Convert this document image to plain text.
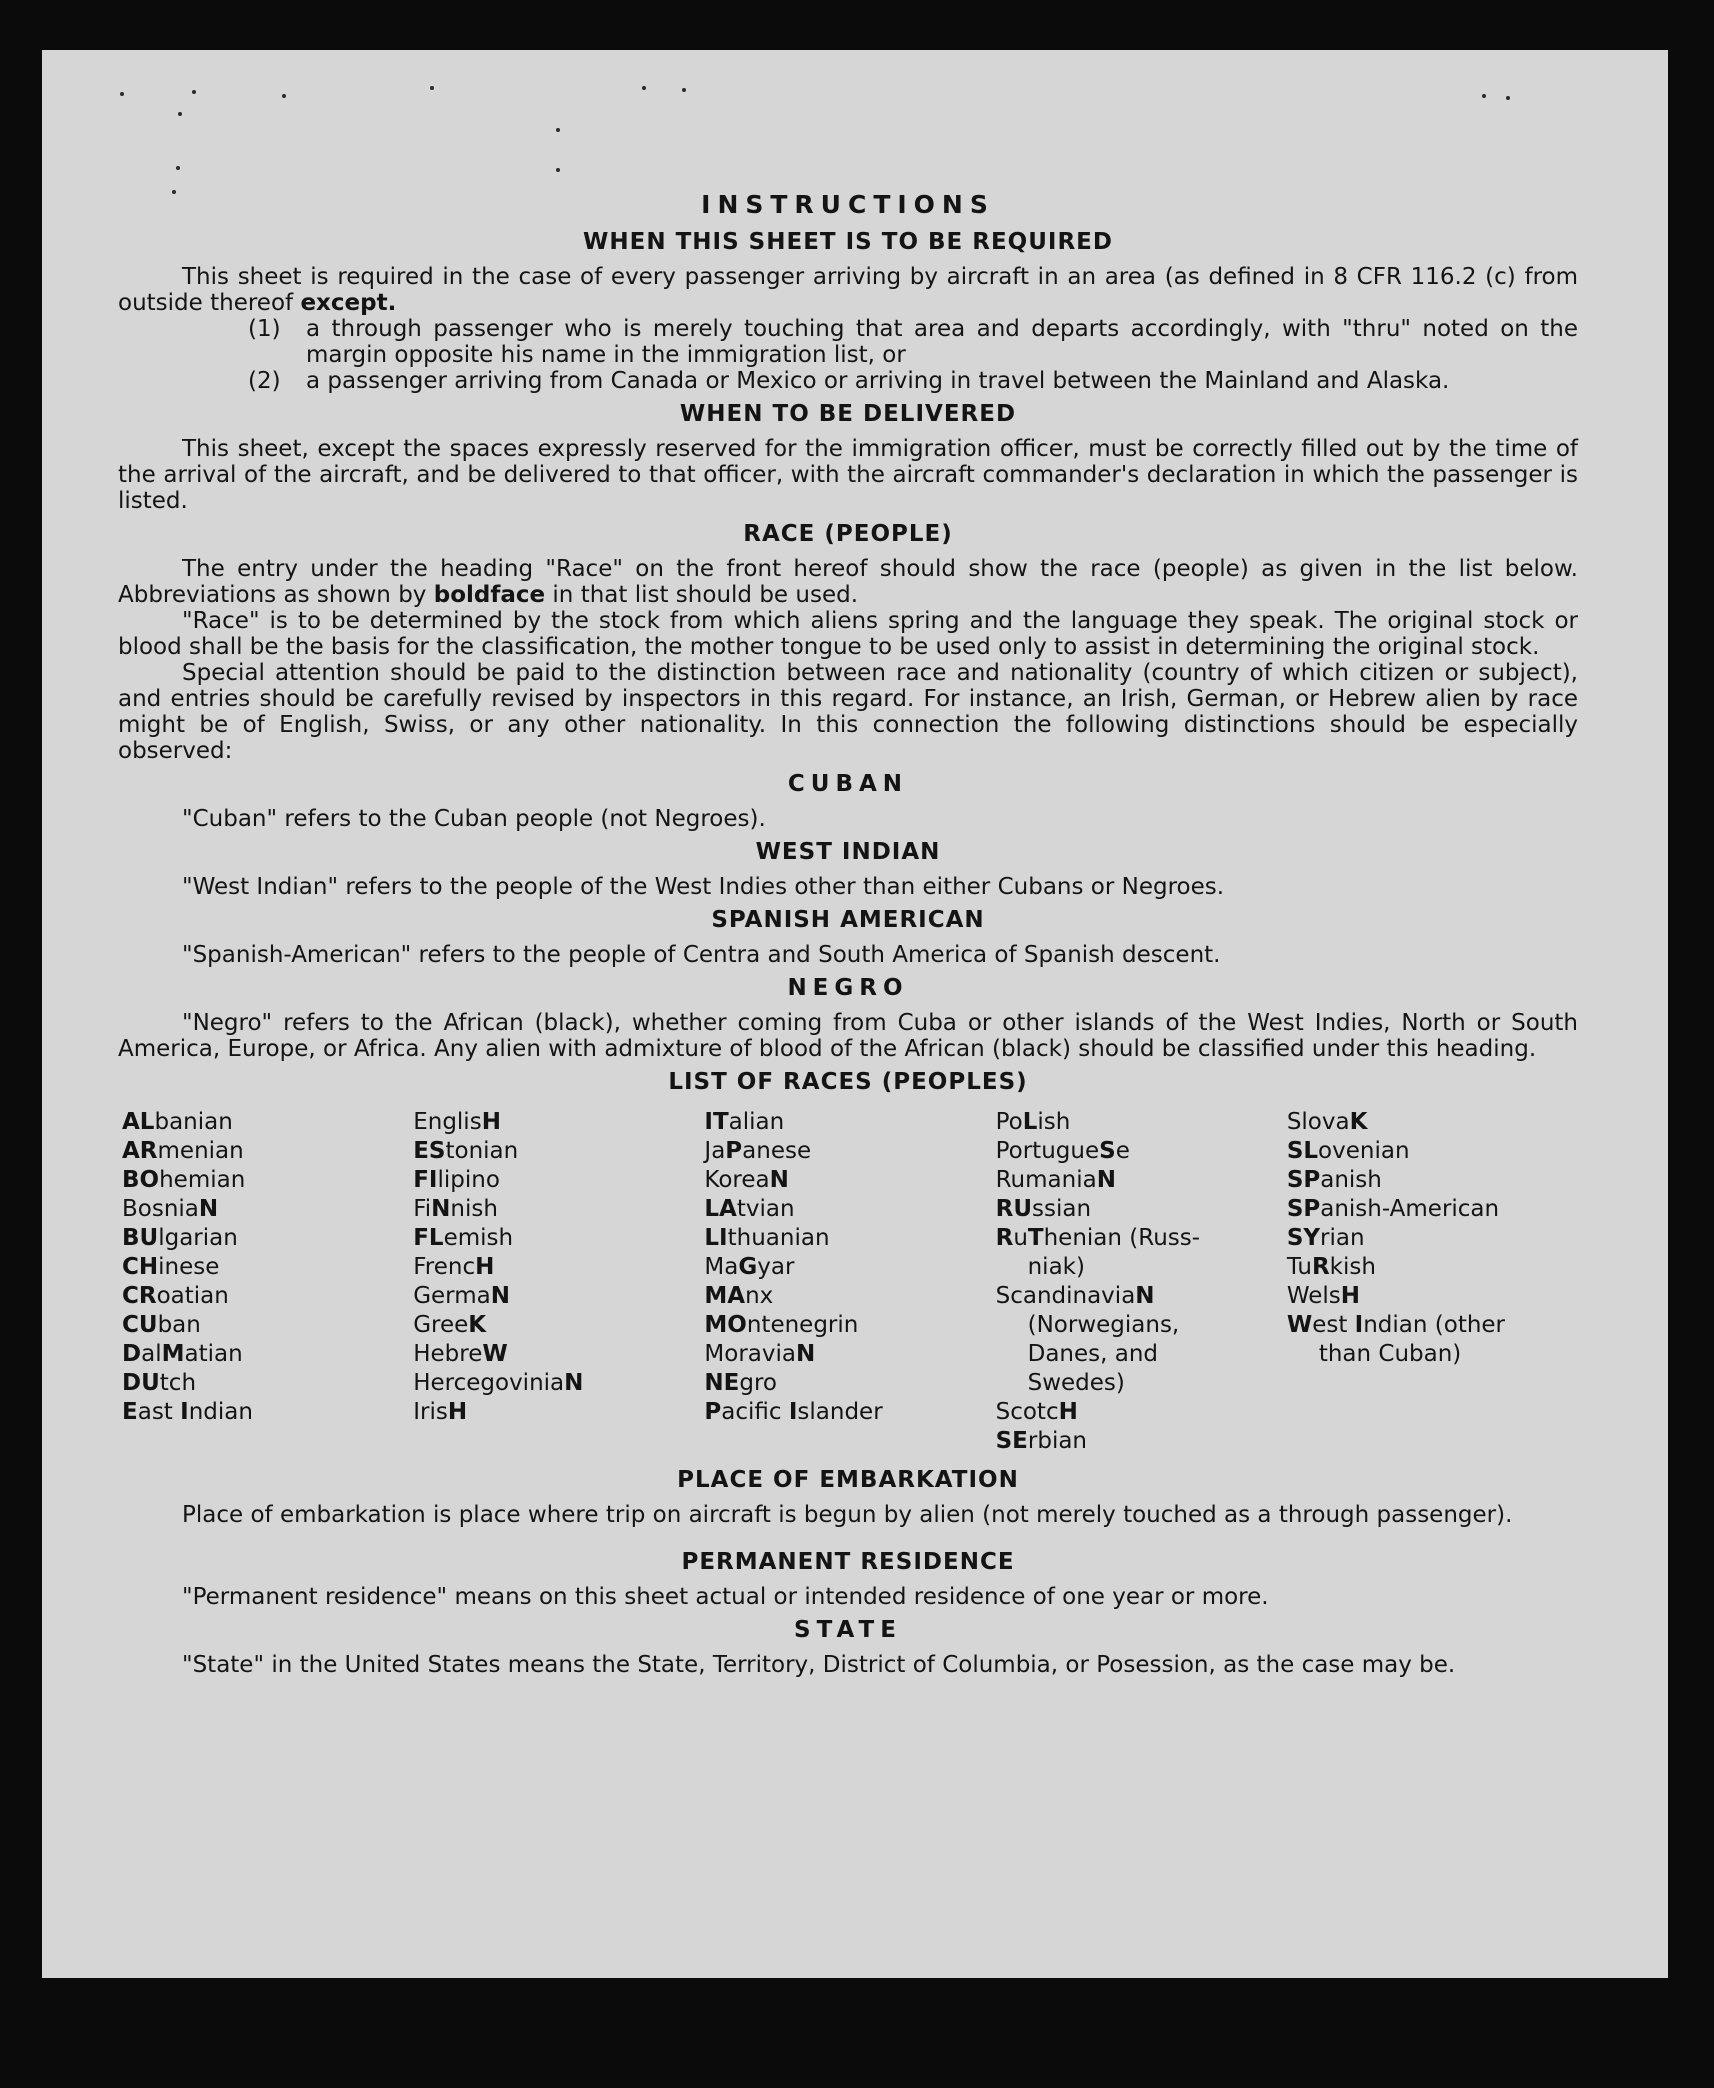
INSTRUCTIONS

WHEN THIS SHEET IS TO BE REQUIRED

This sheet is required in the case of every passenger arriving by aircraft in an area (as defined in 8 CFR 116.2 (c) from outside thereof except.

(1)	a through passenger who is merely touching that area and departs accordingly, with "thru" noted on the margin opposite his name in the immigration list, or
(2)	a passenger arriving from Canada or Mexico or arriving in travel between the Mainland and Alaska.

WHEN TO BE DELIVERED

This sheet, except the spaces expressly reserved for the immigration officer, must be correctly filled out by the time of the arrival of the aircraft, and be delivered to that officer, with the aircraft commander's declaration in which the passenger is listed.

RACE (PEOPLE)

The entry under the heading "Race" on the front hereof should show the race (people) as given in the list below. Abbreviations as shown by boldface in that list should be used.

"Race" is to be determined by the stock from which aliens spring and the language they speak. The original stock or blood shall be the basis for the classification, the mother tongue to be used only to assist in determining the original stock.

Special attention should be paid to the distinction between race and nationality (country of which citizen or subject), and entries should be carefully revised by inspectors in this regard. For instance, an Irish, German, or Hebrew alien by race might be of English, Swiss, or any other nationality. In this connection the following distinctions should be especially observed:

CUBAN

"Cuban" refers to the Cuban people (not Negroes).

WEST INDIAN

"West Indian" refers to the people of the West Indies other than either Cubans or Negroes.

SPANISH AMERICAN

"Spanish-American" refers to the people of Centra and South America of Spanish descent.

NEGRO

"Negro" refers to the African (black), whether coming from Cuba or other islands of the West Indies, North or South America, Europe, or Africa. Any alien with admixture of blood of the African (black) should be classified under this heading.

LIST OF RACES (PEOPLES)

ALbanian
ARmenian
BOhemian
BosniaN
BUlgarian
CHinese
CRoatian
CUban
DalMatian
DUtch
East Indian
EnglisH
EStonian
FIlipino
FiNnish
FLemish
FrencH
GermaN
GreeK
HebreW
HercegoviniaN
IrisH
ITalian
JaPanese
KoreaN
LAtvian
LIthuanian
MaGyar
MAnx
MOntenegrin
MoraviaN
NEgro
Pacific Islander
PoLish
PortugueSe
RumaniaN
RUssian
RuThenian (Russ-
niak)
ScandinaviaN
(Norwegians,
Danes, and
Swedes)
ScotcH
SErbian
SlovaK
SLovenian
SPanish
SPanish-American
SYrian
TuRkish
WelsH
West Indian (other
than Cuban)

PLACE OF EMBARKATION

Place of embarkation is place where trip on aircraft is begun by alien (not merely touched as a through passenger).

PERMANENT RESIDENCE

"Permanent residence" means on this sheet actual or intended residence of one year or more.

STATE

"State" in the United States means the State, Territory, District of Columbia, or Posession, as the case may be.
